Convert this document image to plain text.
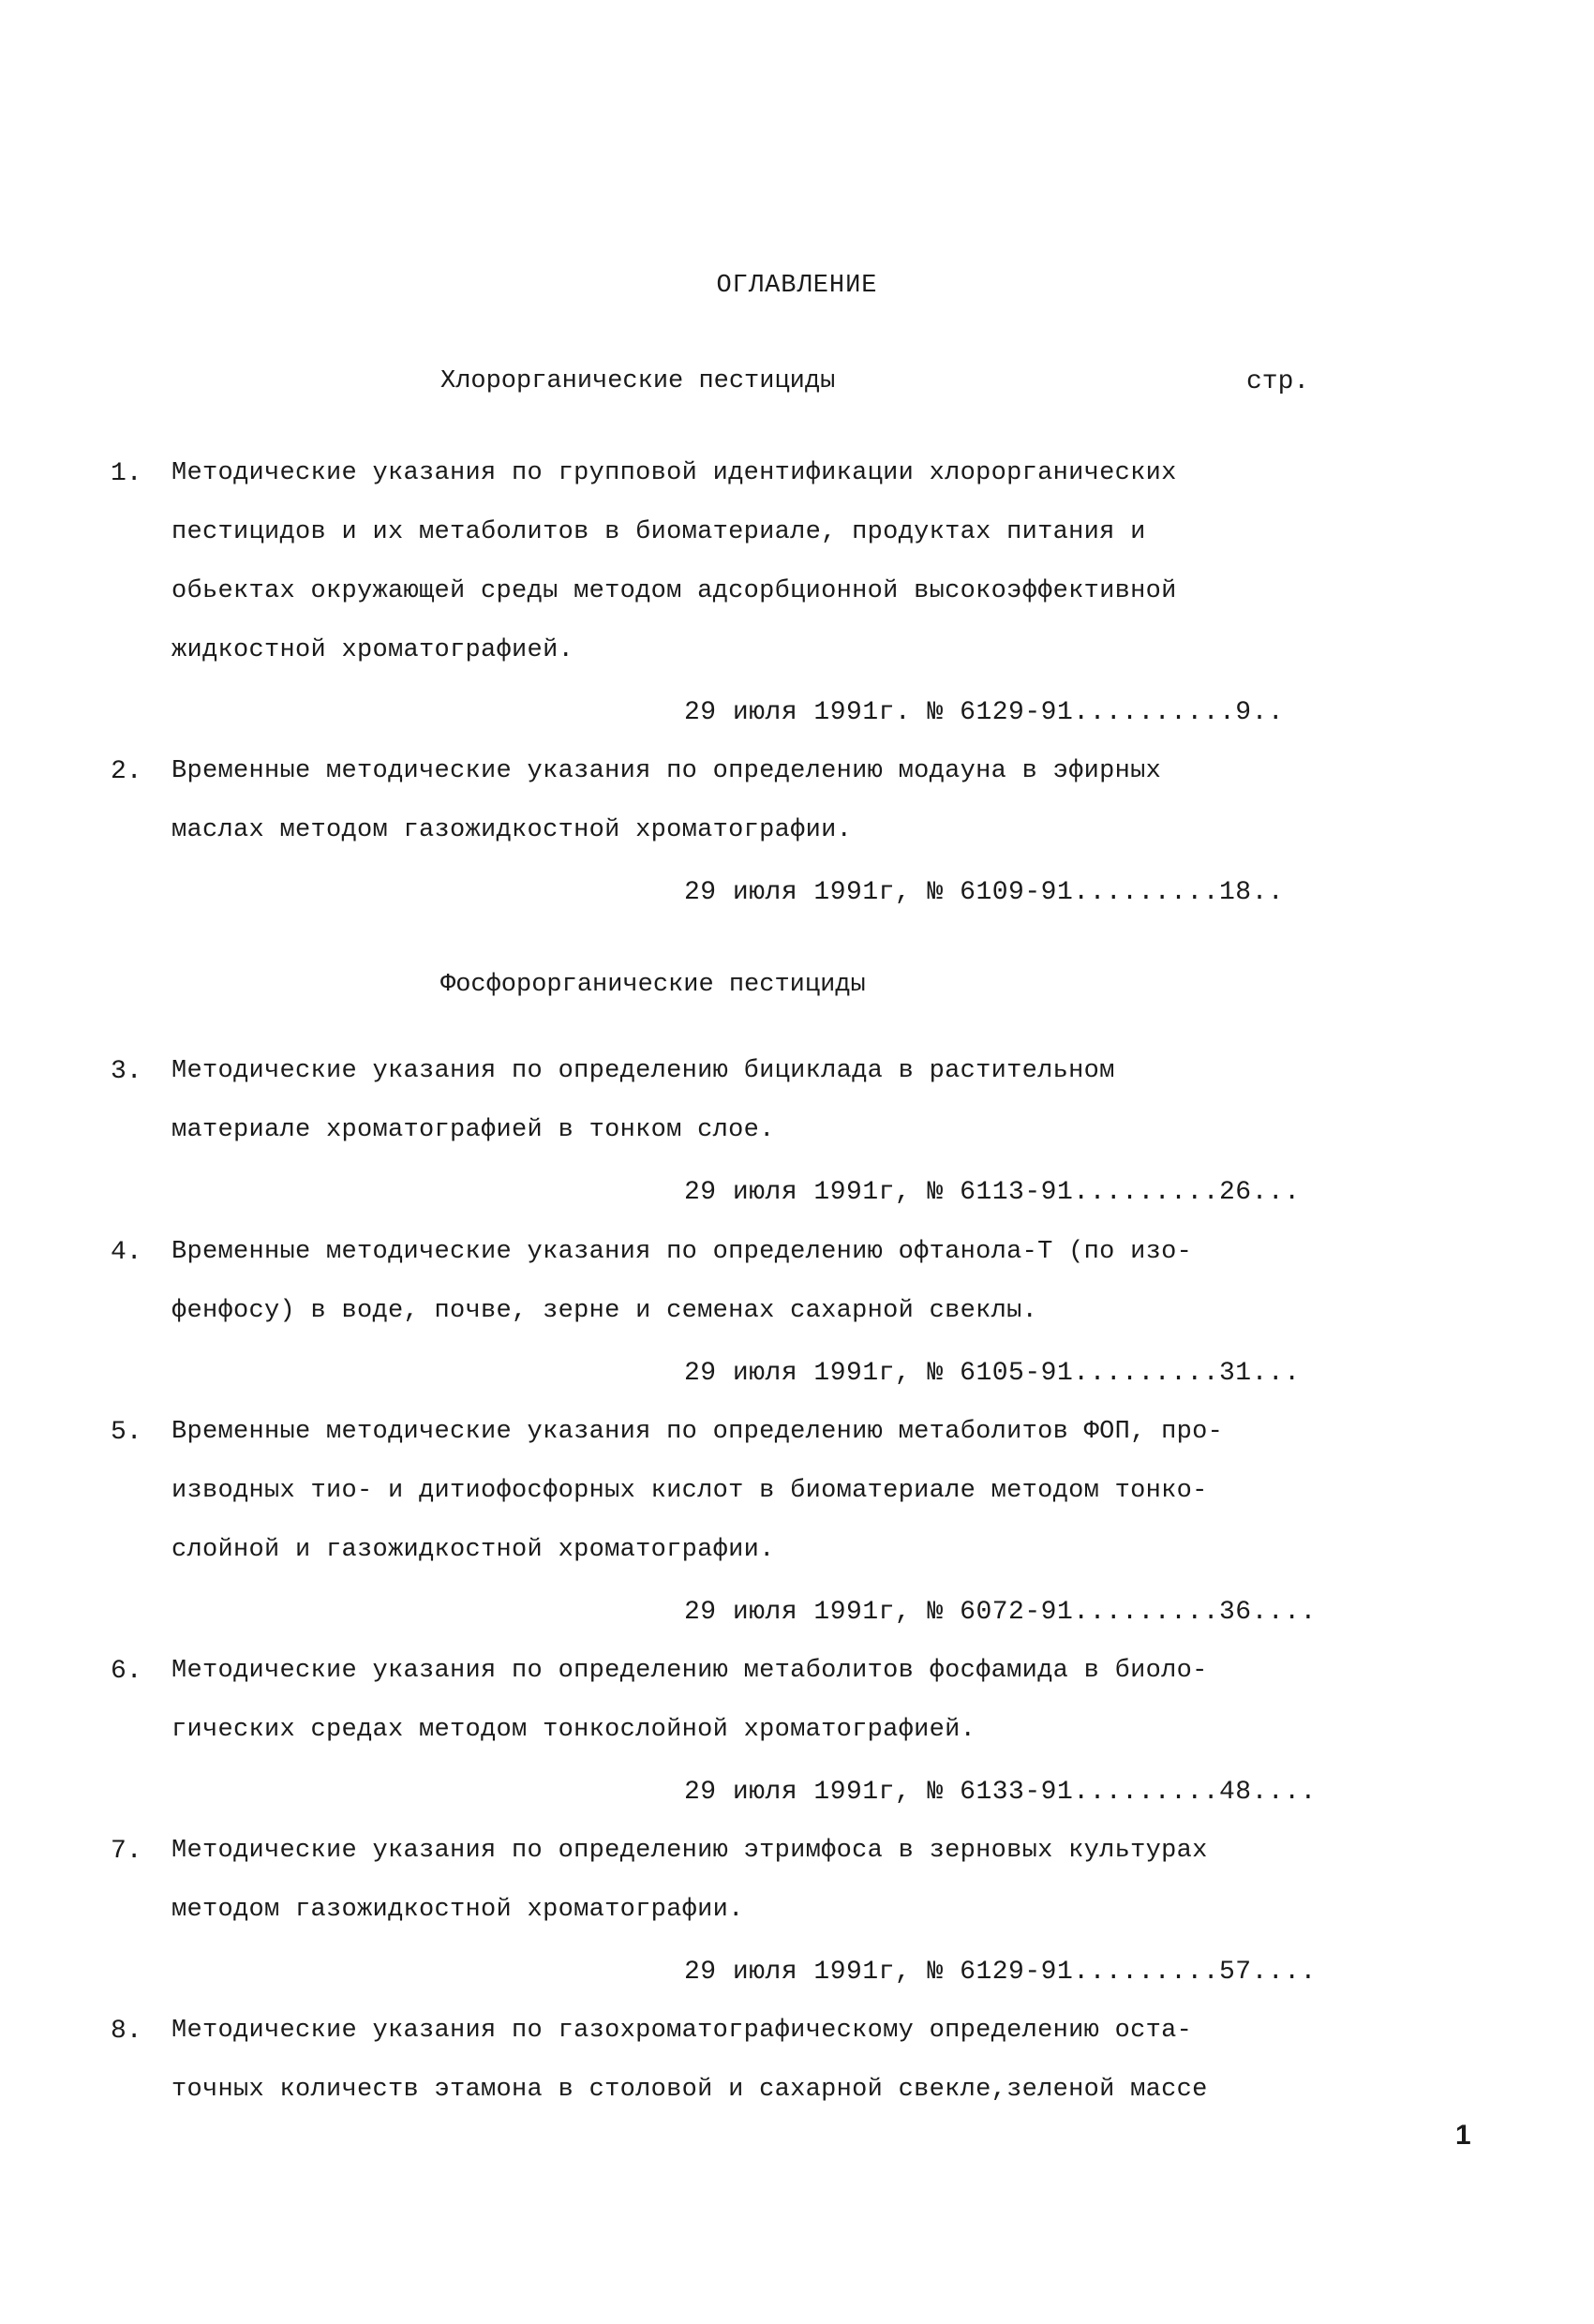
ОГЛАВЛЕНИЕ
Хлорорганические пестициды	стр.
1. Методические указания по групповой идентификации хлорорганических
пестицидов и их метаболитов в биоматериале, продуктах питания и
обьектах окружающей среды методом адсорбционной высокоэффективной
жидкостной хроматографией.
29 июля 1991г. № 6129-91..........9..
2. Временные методические указания по определению модауна в эфирных
маслах методом газожидкостной хроматографии.
29 июля 1991г, № 6109-91.........18..
Фосфорорганические пестициды
3. Методические указания по определению бициклада в растительном
материале хроматографией в тонком слое.
29 июля 1991г, № 6113-91.........26...
4. Временные методические указания по определению офтанола-Т (по изо-
фенфосу) в воде, почве, зерне и семенах сахарной свеклы.
29 июля 1991г, № 6105-91.........31...
5. Временные методические указания по определению метаболитов ФОП, про-
изводных тио- и дитиофосфорных кислот в биоматериале методом тонко-
слойной и газожидкостной хроматографии.
29 июля 1991г, № 6072-91.........36....
6. Методические указания по определению метаболитов фосфамида в биоло-
гических средах методом тонкослойной хроматографией.
29 июля 1991г, № 6133-91.........48....
7. Методические указания по определению этримфоса в зерновых культурах
методом газожидкостной хроматографии.
29 июля 1991г, № 6129-91.........57....
8. Методические указания по газохроматографическому определению оста-
точных количеств этамона в столовой и сахарной свекле,зеленой массе
1
